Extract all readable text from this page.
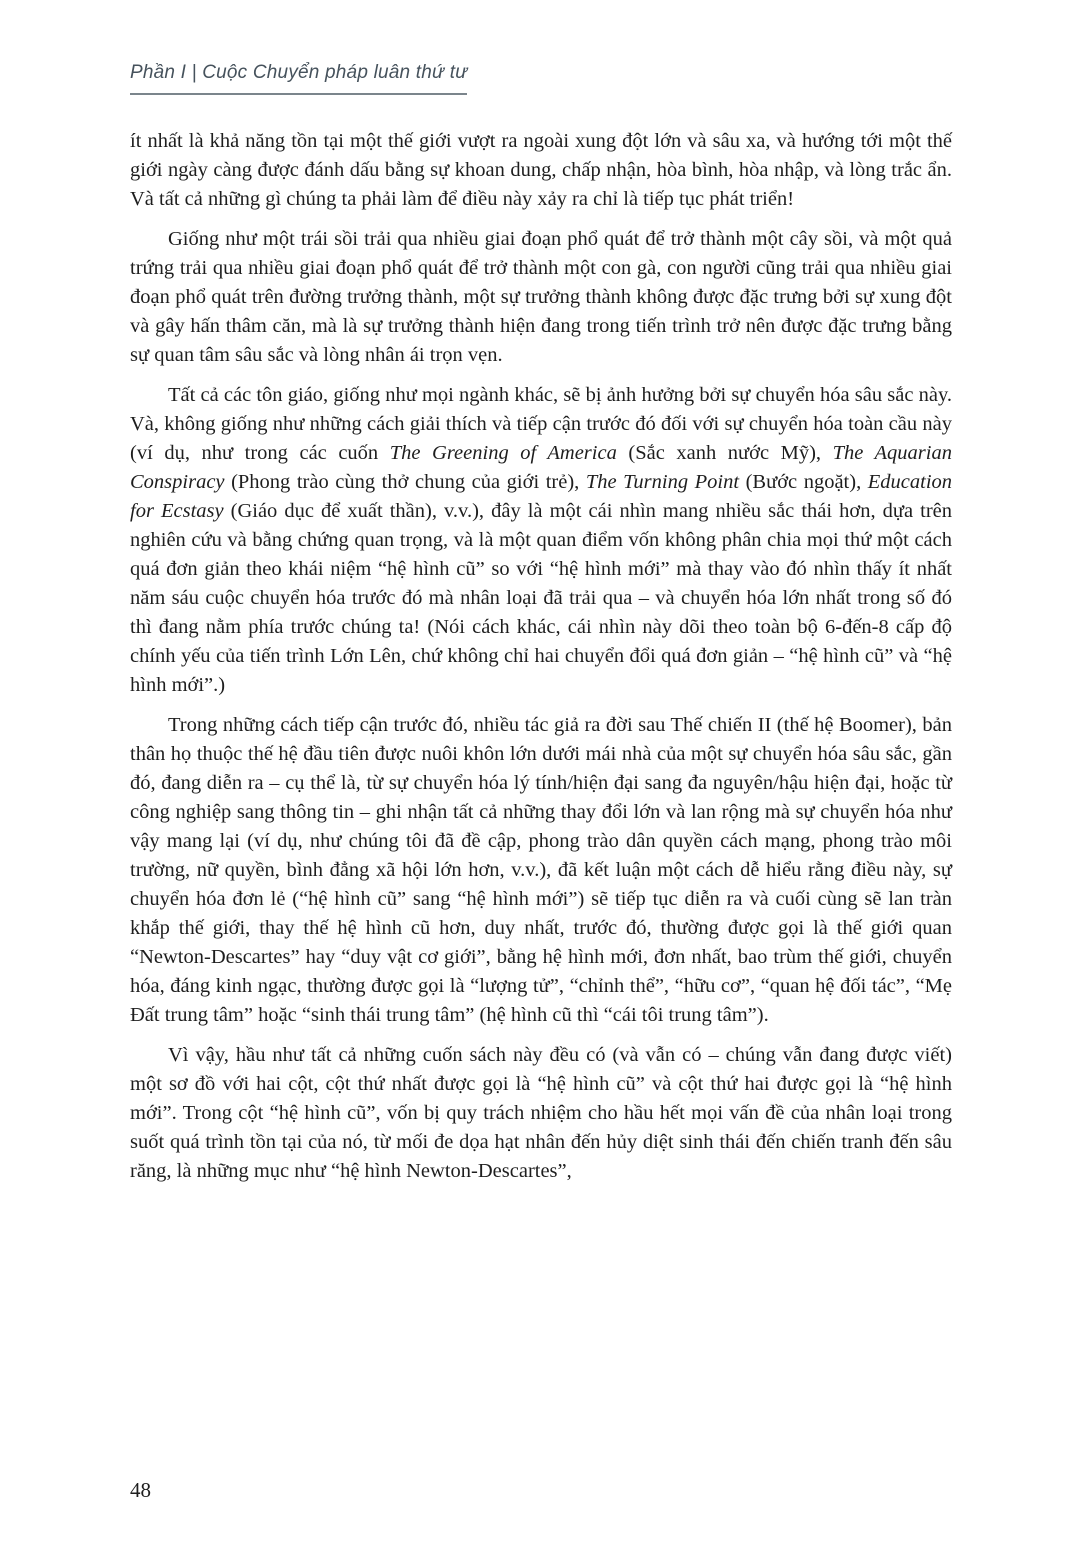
Phần I | Cuộc Chuyển pháp luân thứ tư

ít nhất là khả năng tồn tại một thế giới vượt ra ngoài xung đột lớn và sâu xa, và hướng tới một thế giới ngày càng được đánh dấu bằng sự khoan dung, chấp nhận, hòa bình, hòa nhập, và lòng trắc ẩn. Và tất cả những gì chúng ta phải làm để điều này xảy ra chỉ là tiếp tục phát triển!

Giống như một trái sồi trải qua nhiều giai đoạn phổ quát để trở thành một cây sồi, và một quả trứng trải qua nhiều giai đoạn phổ quát để trở thành một con gà, con người cũng trải qua nhiều giai đoạn phổ quát trên đường trưởng thành, một sự trưởng thành không được đặc trưng bởi sự xung đột và gây hấn thâm căn, mà là sự trưởng thành hiện đang trong tiến trình trở nên được đặc trưng bằng sự quan tâm sâu sắc và lòng nhân ái trọn vẹn.

Tất cả các tôn giáo, giống như mọi ngành khác, sẽ bị ảnh hưởng bởi sự chuyển hóa sâu sắc này. Và, không giống như những cách giải thích và tiếp cận trước đó đối với sự chuyển hóa toàn cầu này (ví dụ, như trong các cuốn The Greening of America (Sắc xanh nước Mỹ), The Aquarian Conspiracy (Phong trào cùng thở chung của giới trẻ), The Turning Point (Bước ngoặt), Education for Ecstasy (Giáo dục để xuất thần), v.v.), đây là một cái nhìn mang nhiều sắc thái hơn, dựa trên nghiên cứu và bằng chứng quan trọng, và là một quan điểm vốn không phân chia mọi thứ một cách quá đơn giản theo khái niệm “hệ hình cũ” so với “hệ hình mới” mà thay vào đó nhìn thấy ít nhất năm sáu cuộc chuyển hóa trước đó mà nhân loại đã trải qua – và chuyển hóa lớn nhất trong số đó thì đang nằm phía trước chúng ta! (Nói cách khác, cái nhìn này dõi theo toàn bộ 6-đến-8 cấp độ chính yếu của tiến trình Lớn Lên, chứ không chỉ hai chuyển đổi quá đơn giản – “hệ hình cũ” và “hệ hình mới”.)

Trong những cách tiếp cận trước đó, nhiều tác giả ra đời sau Thế chiến II (thế hệ Boomer), bản thân họ thuộc thế hệ đầu tiên được nuôi khôn lớn dưới mái nhà của một sự chuyển hóa sâu sắc, gần đó, đang diễn ra – cụ thể là, từ sự chuyển hóa lý tính/hiện đại sang đa nguyên/hậu hiện đại, hoặc từ công nghiệp sang thông tin – ghi nhận tất cả những thay đổi lớn và lan rộng mà sự chuyển hóa như vậy mang lại (ví dụ, như chúng tôi đã đề cập, phong trào dân quyền cách mạng, phong trào môi trường, nữ quyền, bình đẳng xã hội lớn hơn, v.v.), đã kết luận một cách dễ hiểu rằng điều này, sự chuyển hóa đơn lẻ (“hệ hình cũ” sang “hệ hình mới”) sẽ tiếp tục diễn ra và cuối cùng sẽ lan tràn khắp thế giới, thay thế hệ hình cũ hơn, duy nhất, trước đó, thường được gọi là thế giới quan “Newton-Descartes” hay “duy vật cơ giới”, bằng hệ hình mới, đơn nhất, bao trùm thế giới, chuyển hóa, đáng kinh ngạc, thường được gọi là “lượng tử”, “chỉnh thể”, “hữu cơ”, “quan hệ đối tác”, “Mẹ Đất trung tâm” hoặc “sinh thái trung tâm” (hệ hình cũ thì “cái tôi trung tâm”).

Vì vậy, hầu như tất cả những cuốn sách này đều có (và vẫn có – chúng vẫn đang được viết) một sơ đồ với hai cột, cột thứ nhất được gọi là “hệ hình cũ” và cột thứ hai được gọi là “hệ hình mới”. Trong cột “hệ hình cũ”, vốn bị quy trách nhiệm cho hầu hết mọi vấn đề của nhân loại trong suốt quá trình tồn tại của nó, từ mối đe dọa hạt nhân đến hủy diệt sinh thái đến chiến tranh đến sâu răng, là những mục như “hệ hình Newton-Descartes”,

48
